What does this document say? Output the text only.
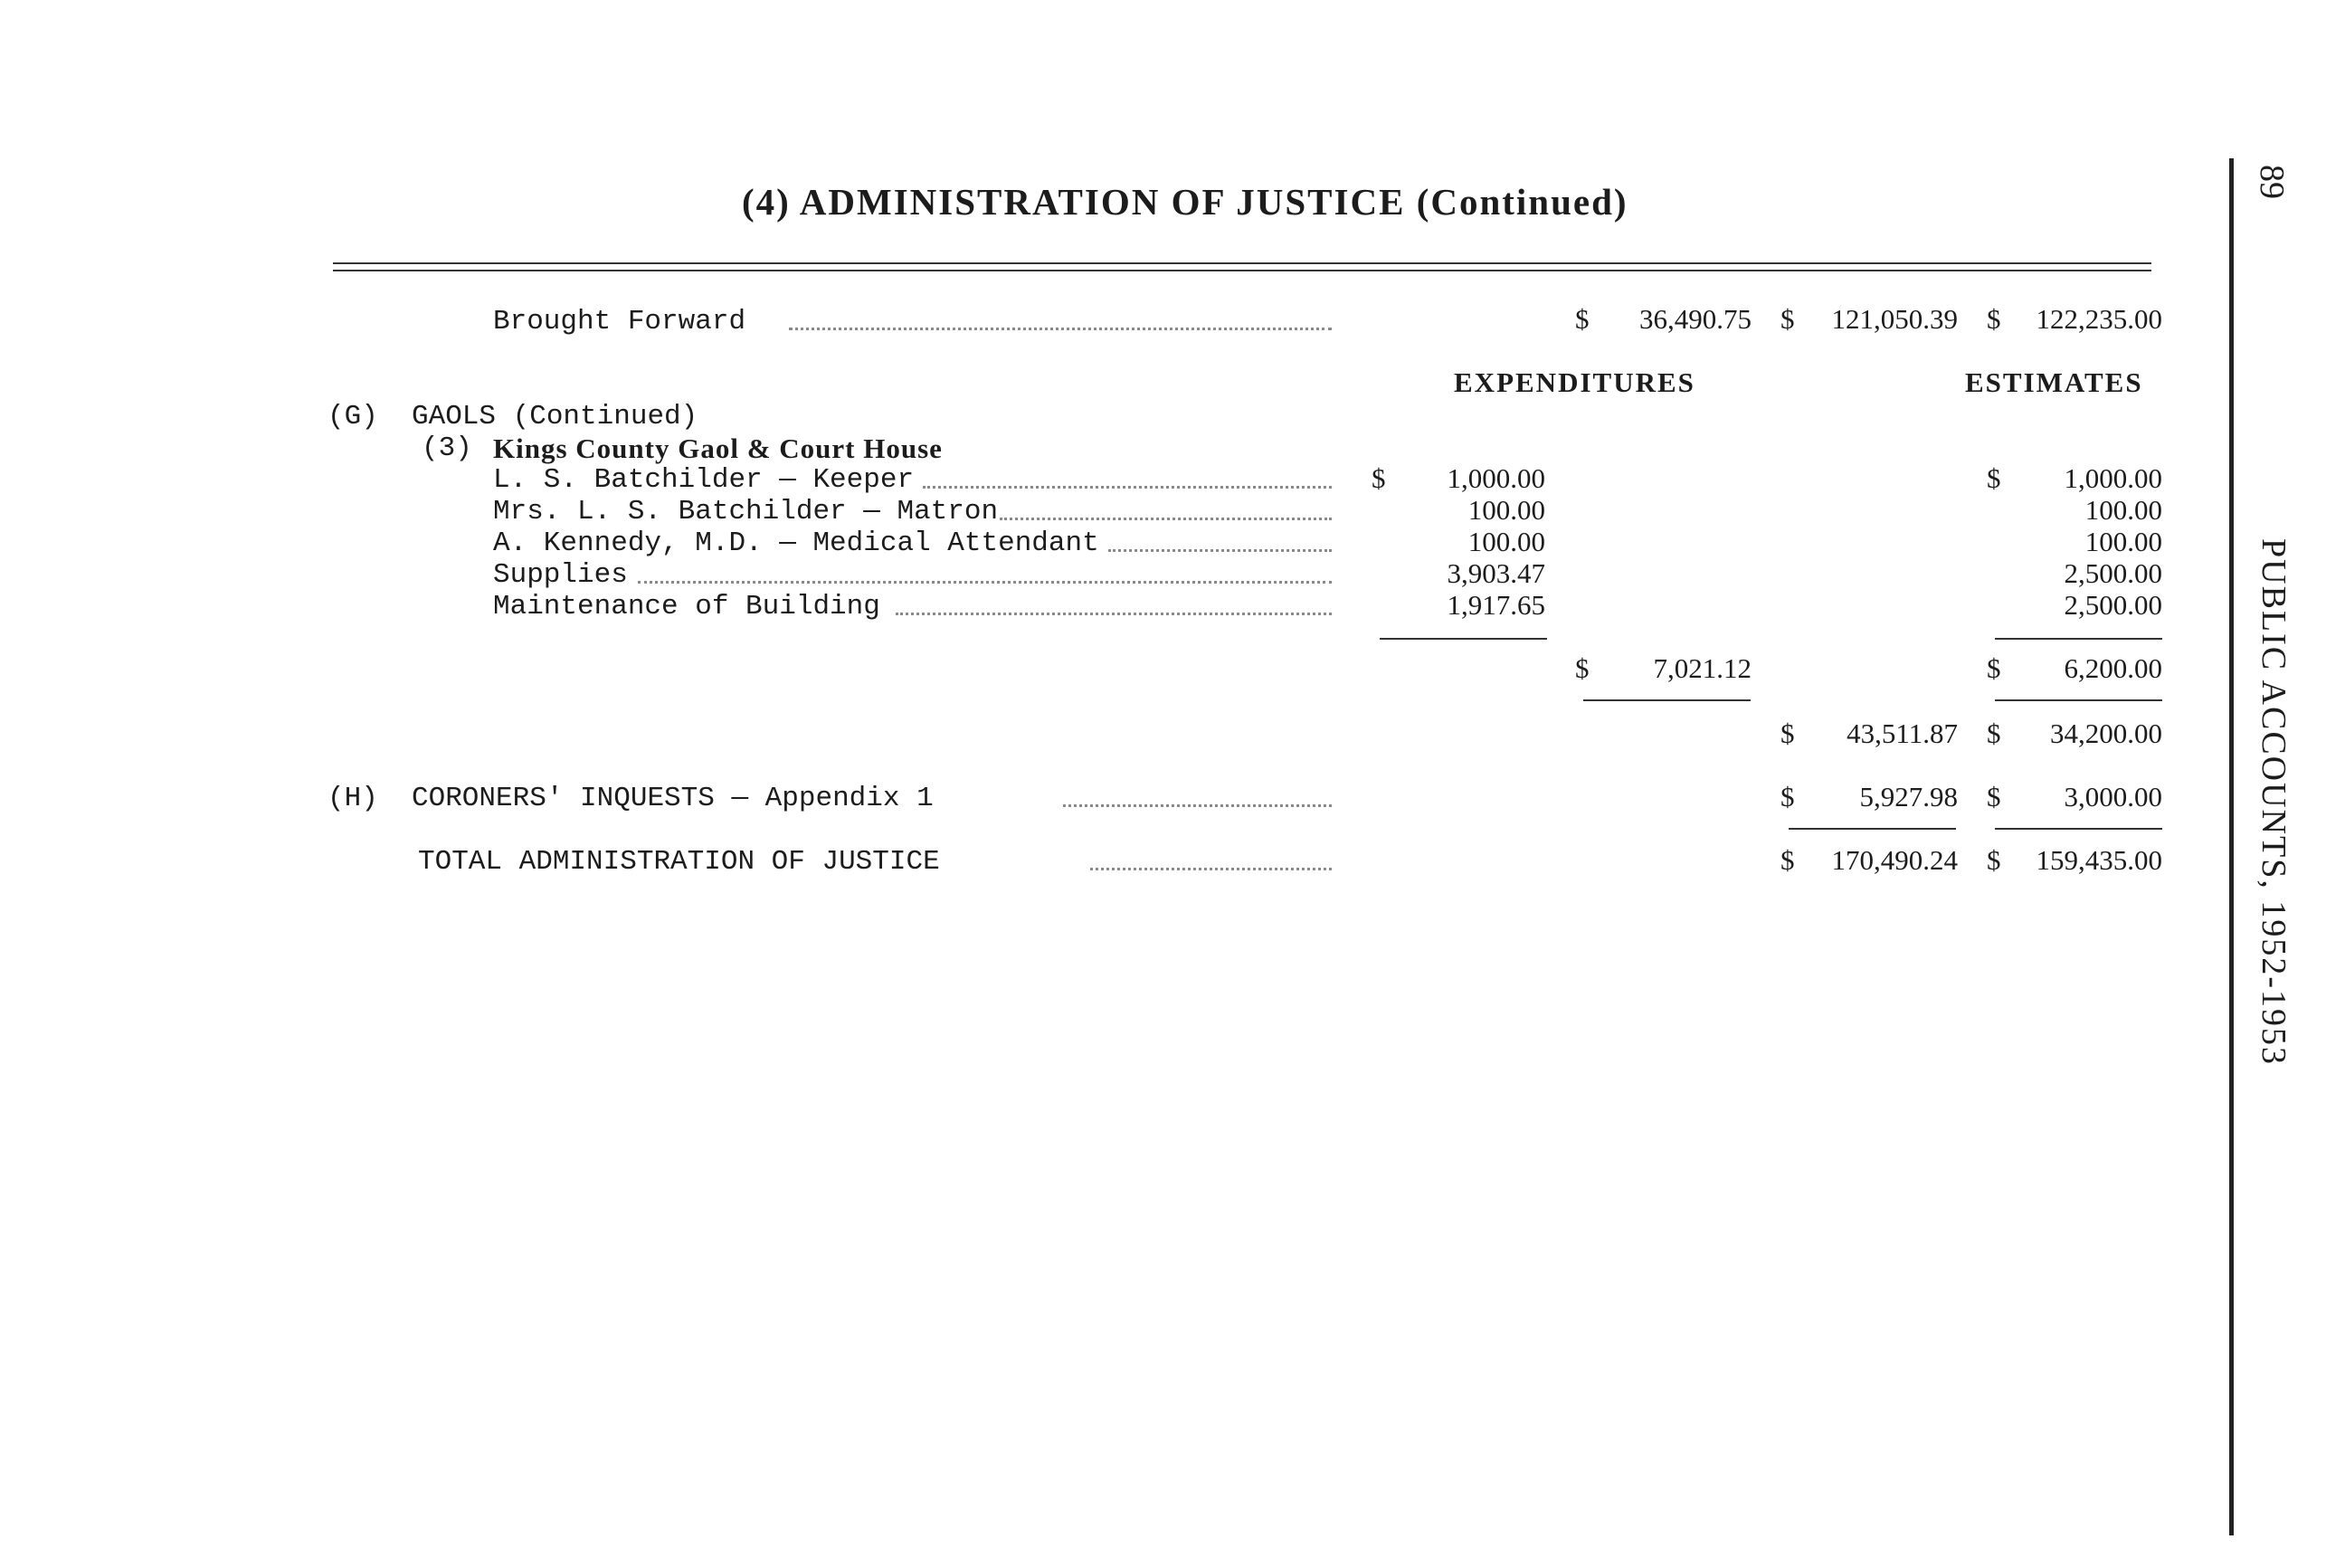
(4) ADMINISTRATION OF JUSTICE (Continued)	89
PUBLIC ACCOUNTS, 1952-1953
Brought Forward	$ 36,490.75 $ 121,050.39 $ 122,235.00
EXPENDITURES	ESTIMATES
(G) GAOLS (Continued)
(3) Kings County Gaol & Court House
L. S. Batchilder — Keeper	$ 1,000.00	$ 1,000.00
Mrs. L. S. Batchilder — Matron	100.00	100.00
A. Kennedy, M.D. — Medical Attendant	100.00	100.00
Supplies	3,903.47	2,500.00
Maintenance of Building	1,917.65	2,500.00
$ 7,021.12	$ 6,200.00
$ 43,511.87 $ 34,200.00
(H) CORONERS' INQUESTS — Appendix 1	$ 5,927.98 $ 3,000.00
TOTAL ADMINISTRATION OF JUSTICE	$ 170,490.24 $ 159,435.00
